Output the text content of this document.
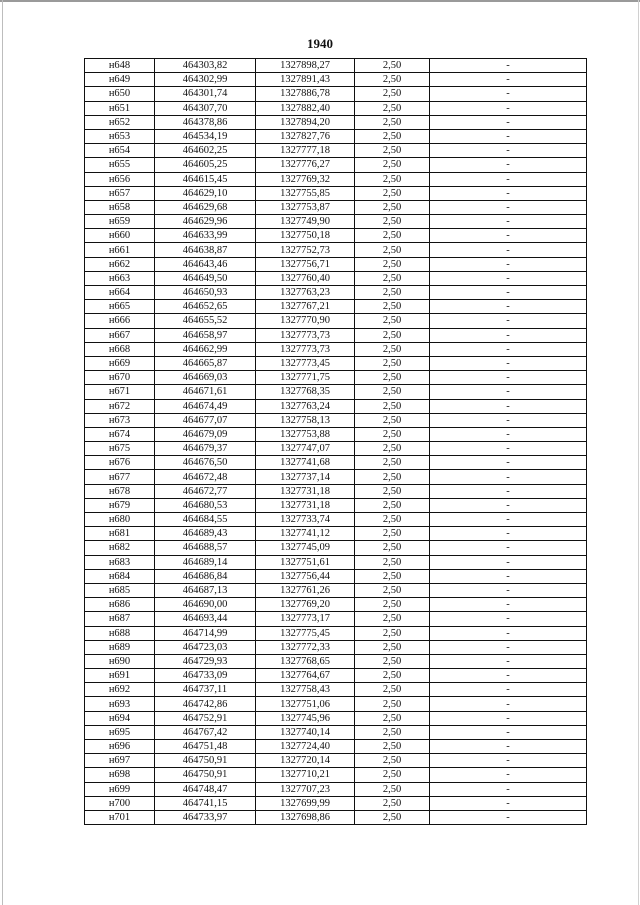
1940
н648	464303,82	1327898,27	2,50	-
н649	464302,99	1327891,43	2,50	-
н650	464301,74	1327886,78	2,50	-
н651	464307,70	1327882,40	2,50	-
н652	464378,86	1327894,20	2,50	-
н653	464534,19	1327827,76	2,50	-
н654	464602,25	1327777,18	2,50	-
н655	464605,25	1327776,27	2,50	-
н656	464615,45	1327769,32	2,50	-
н657	464629,10	1327755,85	2,50	-
н658	464629,68	1327753,87	2,50	-
н659	464629,96	1327749,90	2,50	-
н660	464633,99	1327750,18	2,50	-
н661	464638,87	1327752,73	2,50	-
н662	464643,46	1327756,71	2,50	-
н663	464649,50	1327760,40	2,50	-
н664	464650,93	1327763,23	2,50	-
н665	464652,65	1327767,21	2,50	-
н666	464655,52	1327770,90	2,50	-
н667	464658,97	1327773,73	2,50	-
н668	464662,99	1327773,73	2,50	-
н669	464665,87	1327773,45	2,50	-
н670	464669,03	1327771,75	2,50	-
н671	464671,61	1327768,35	2,50	-
н672	464674,49	1327763,24	2,50	-
н673	464677,07	1327758,13	2,50	-
н674	464679,09	1327753,88	2,50	-
н675	464679,37	1327747,07	2,50	-
н676	464676,50	1327741,68	2,50	-
н677	464672,48	1327737,14	2,50	-
н678	464672,77	1327731,18	2,50	-
н679	464680,53	1327731,18	2,50	-
н680	464684,55	1327733,74	2,50	-
н681	464689,43	1327741,12	2,50	-
н682	464688,57	1327745,09	2,50	-
н683	464689,14	1327751,61	2,50	-
н684	464686,84	1327756,44	2,50	-
н685	464687,13	1327761,26	2,50	-
н686	464690,00	1327769,20	2,50	-
н687	464693,44	1327773,17	2,50	-
н688	464714,99	1327775,45	2,50	-
н689	464723,03	1327772,33	2,50	-
н690	464729,93	1327768,65	2,50	-
н691	464733,09	1327764,67	2,50	-
н692	464737,11	1327758,43	2,50	-
н693	464742,86	1327751,06	2,50	-
н694	464752,91	1327745,96	2,50	-
н695	464767,42	1327740,14	2,50	-
н696	464751,48	1327724,40	2,50	-
н697	464750,91	1327720,14	2,50	-
н698	464750,91	1327710,21	2,50	-
н699	464748,47	1327707,23	2,50	-
н700	464741,15	1327699,99	2,50	-
н701	464733,97	1327698,86	2,50	-
